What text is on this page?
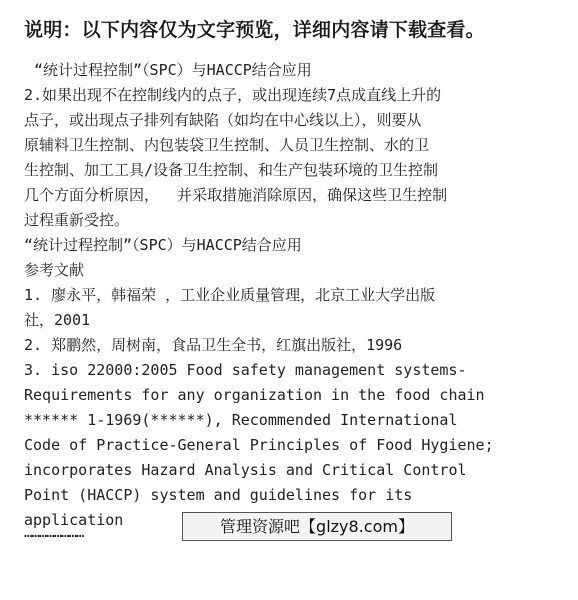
说明：以下内容仅为文字预览，详细内容请下载查看。
“统计过程控制”（SPC）与HACCP结合应用
2.如果出现不在控制线内的点子，或出现连续7点成直线上升的
点子，或出现点子排列有缺陷（如均在中心线以上），则要从
原辅料卫生控制、内包装袋卫生控制、人员卫生控制、水的卫
生控制、加工工具/设备卫生控制、和生产包装环境的卫生控制
几个方面分析原因，  并采取措施消除原因，确保这些卫生控制
过程重新受控。
“统计过程控制”（SPC）与HACCP结合应用
参考文献
1. 廖永平，韩福荣 ，工业企业质量管理，北京工业大学出版
社，2001
2. 郑鹏然，周树南，食品卫生全书，红旗出版社，1996
3. iso 22000:2005 Food safety management systems-
Requirements for any organization in the food chain
****** 1-1969(******), Recommended International
Code of Practice-General Principles of Food Hygiene;
incorporates Hazard Analysis and Critical Control
Point (HACCP) system and guidelines for its
application
……………………	管理资源吧【glzy8.com】
